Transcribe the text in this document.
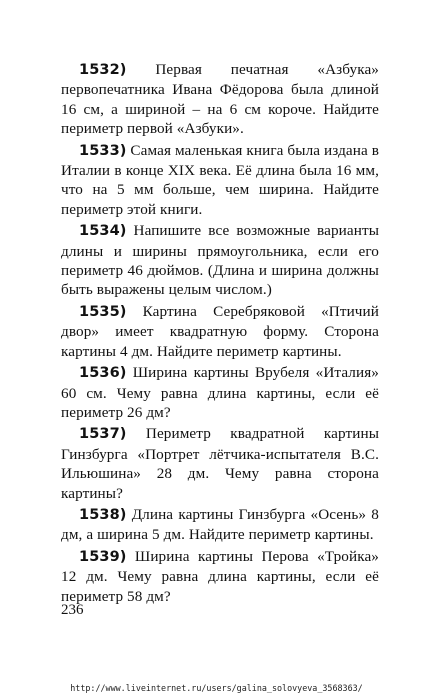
1532) Первая печатная «Азбука» первопечатника Ивана Фёдорова была длиной 16 см, а шириной – на 6 см короче. Найдите периметр первой «Азбуки».

1533) Самая маленькая книга была издана в Италии в конце XIX века. Её длина была 16 мм, что на 5 мм больше, чем ширина. Найдите периметр этой книги.

1534) Напишите все возможные варианты длины и ширины прямоугольника, если его периметр 46 дюймов. (Длина и ширина должны быть выражены целым числом.)

1535) Картина Серебряковой «Птичий двор» имеет квадратную форму. Сторона картины 4 дм. Найдите периметр картины.

1536) Ширина картины Врубеля «Италия» 60 см. Чему равна длина картины, если её периметр 26 дм?

1537) Периметр квадратной картины Гинзбурга «Портрет лётчика-испытателя В.С. Ильюшина» 28 дм. Чему равна сторона картины?

1538) Длина картины Гинзбурга «Осень» 8 дм, а ширина 5 дм. Найдите периметр картины.

1539) Ширина картины Перова «Тройка» 12 дм. Чему равна длина картины, если её периметр 58 дм?

236
http://www.liveinternet.ru/users/galina_solovyeva_3568363/
